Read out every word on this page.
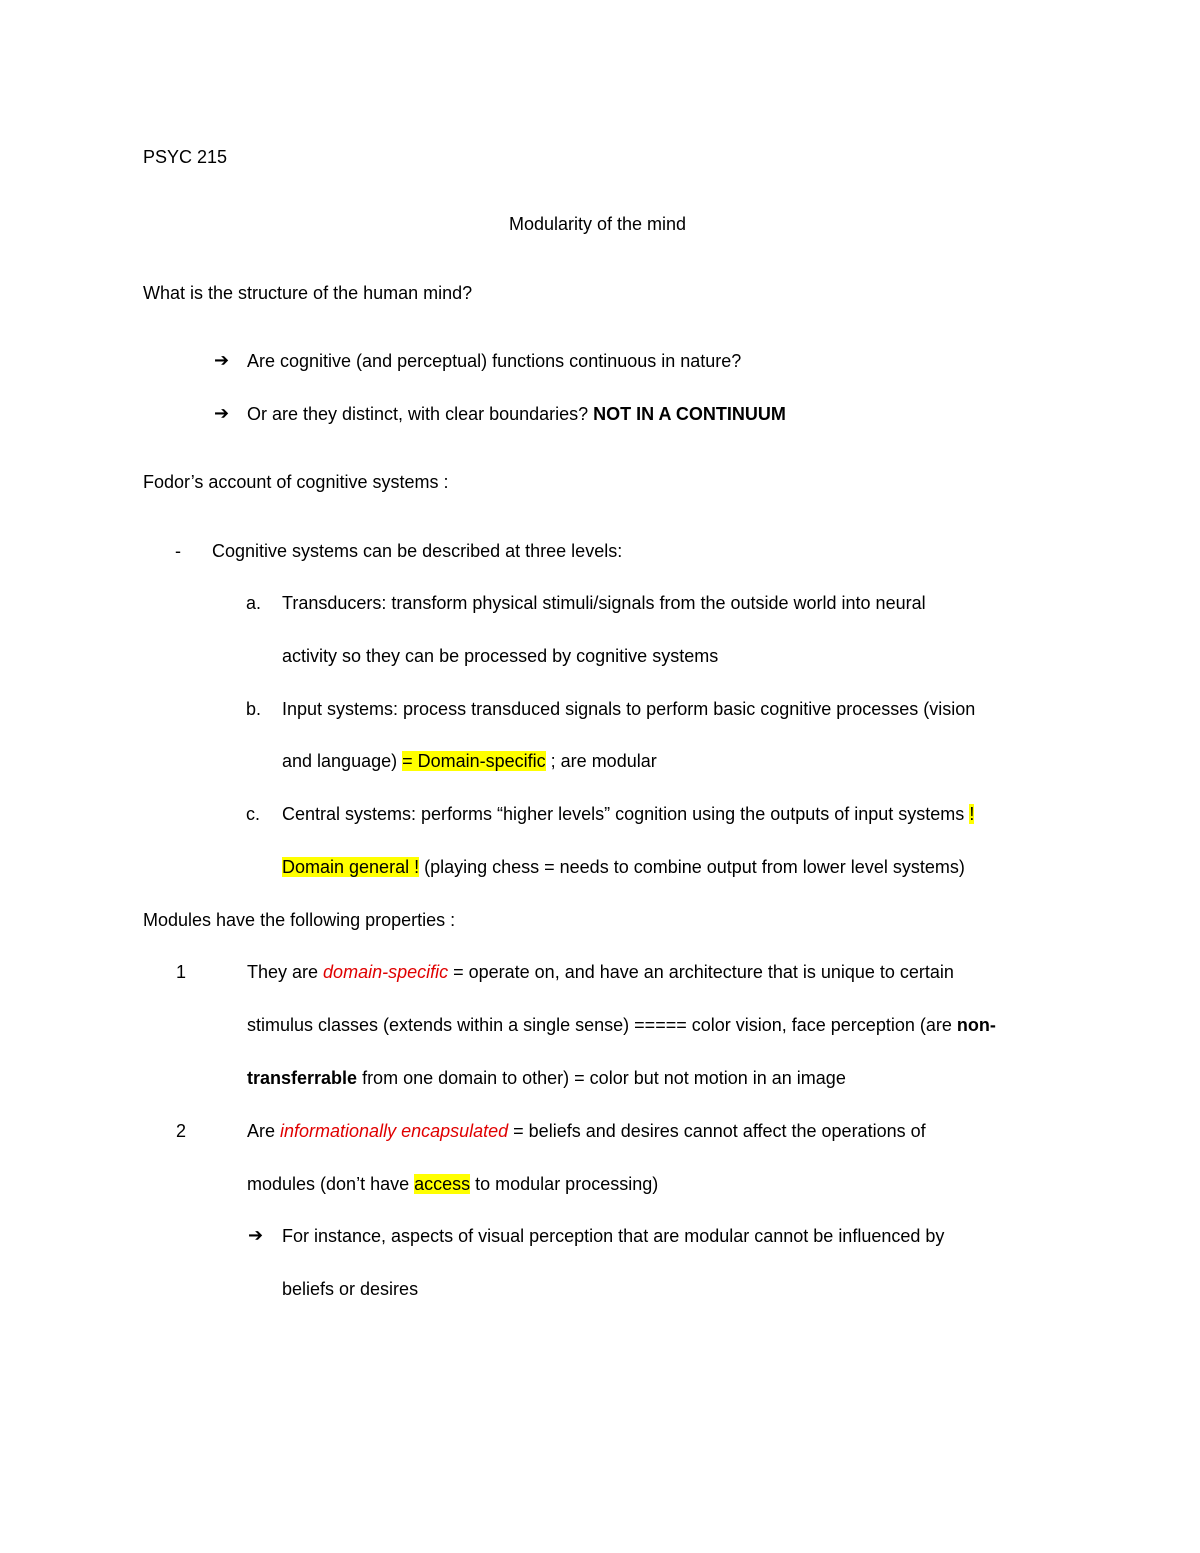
PSYC 215
Modularity of the mind
What is the structure of the human mind?
➔ Are cognitive (and perceptual) functions continuous in nature?
➔ Or are they distinct, with clear boundaries? NOT IN A CONTINUUM
Fodor’s account of cognitive systems :
- Cognitive systems can be described at three levels:
a. Transducers: transform physical stimuli/signals from the outside world into neural
activity so they can be processed by cognitive systems
b. Input systems: process transduced signals to perform basic cognitive processes (vision
and language) = Domain-specific ; are modular
c. Central systems: performs “higher levels” cognition using the outputs of input systems !
Domain general ! (playing chess = needs to combine output from lower level systems)
Modules have the following properties :
1	They are domain-specific = operate on, and have an architecture that is unique to certain
stimulus classes (extends within a single sense) ===== color vision, face perception (are non-
transferrable from one domain to other) = color but not motion in an image
2	Are informationally encapsulated = beliefs and desires cannot affect the operations of
modules (don’t have access to modular processing)
➔ For instance, aspects of visual perception that are modular cannot be influenced by
beliefs or desires
